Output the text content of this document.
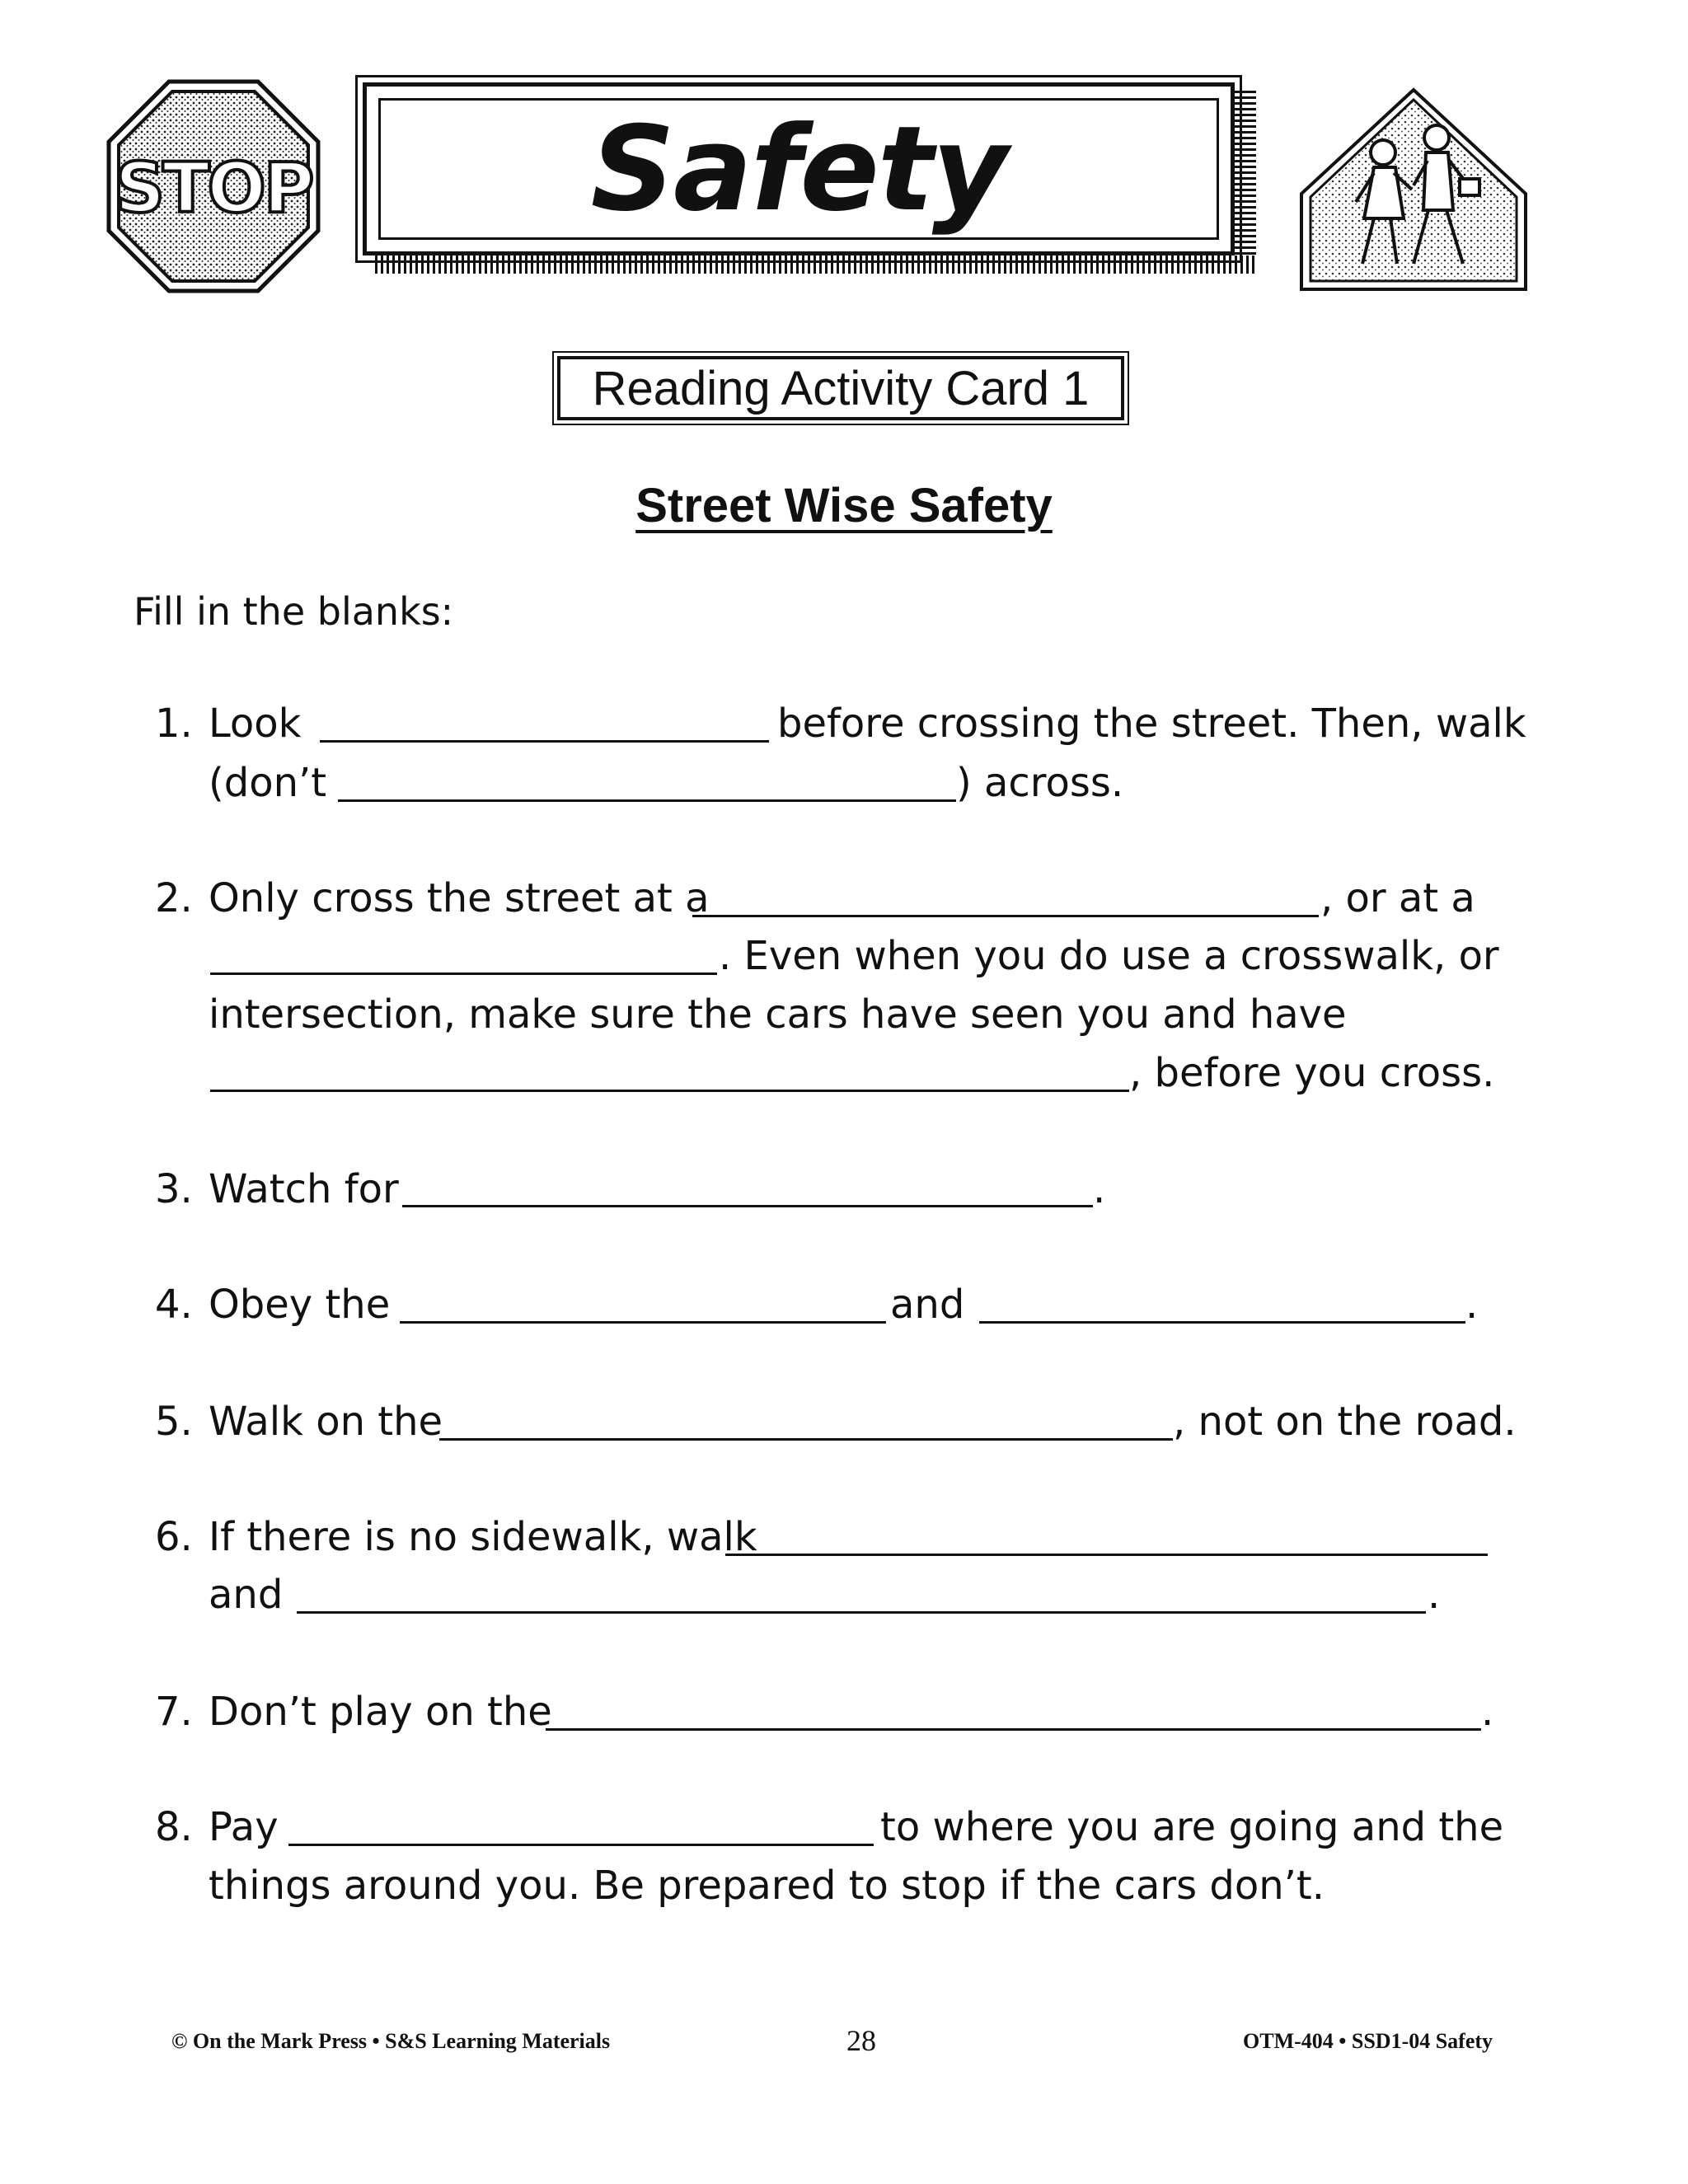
STOP	Safety
Reading Activity Card 1
Street Wise Safety
Fill in the blanks:
1. Look	before crossing the street. Then, walk
(don’t	) across.
2. Only cross the street at a	, or at a
. Even when you do use a crosswalk, or
intersection, make sure the cars have seen you and have
, before you cross.
3. Watch for	.
4. Obey the	and	.
5. Walk on the	, not on the road.
6. If there is no sidewalk, walk
and	.
7. Don’t play on the	.
8. Pay	to where you are going and the
things around you. Be prepared to stop if the cars don’t.
© On the Mark Press • S&S Learning Materials	28	OTM-404 • SSD1-04 Safety
